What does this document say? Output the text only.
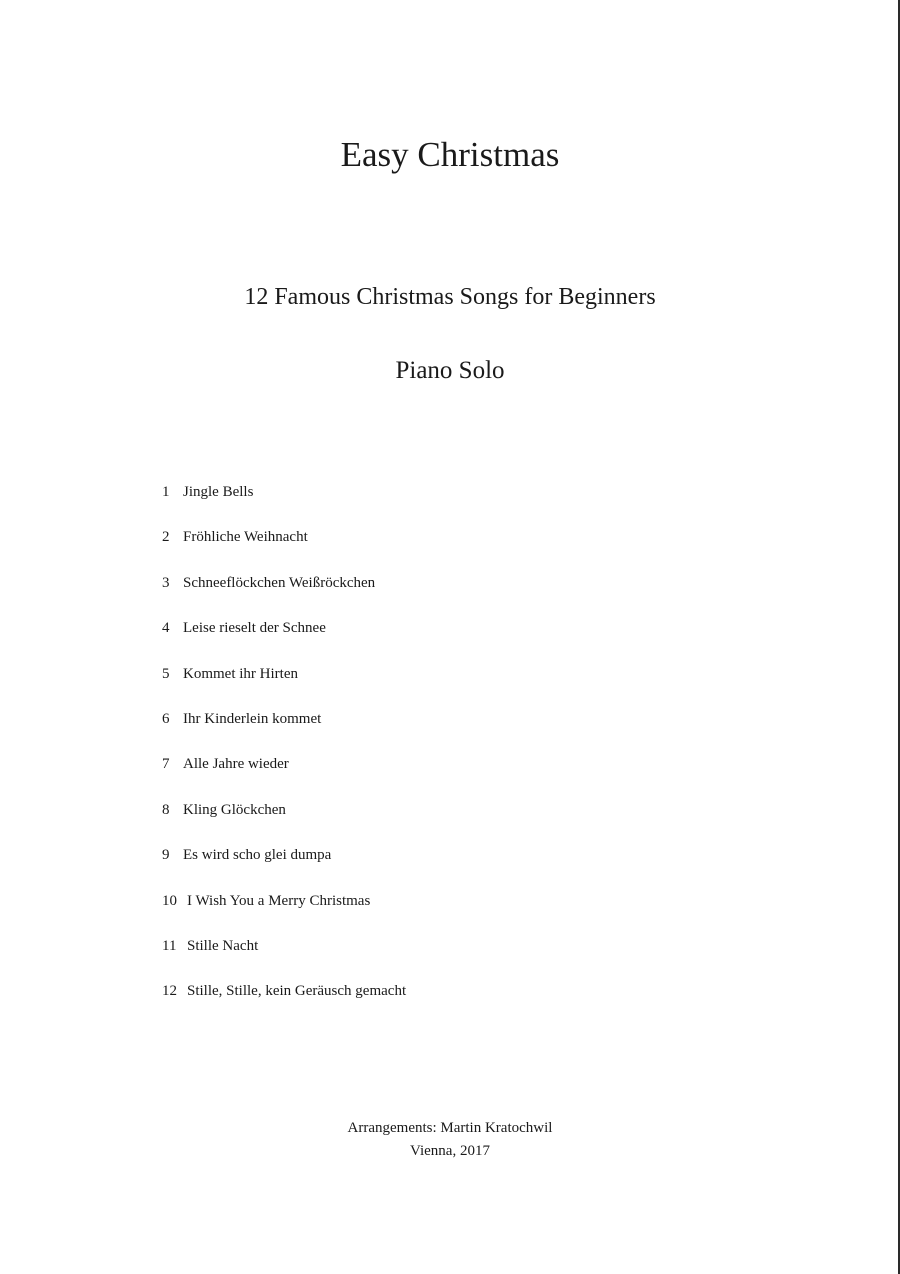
Easy Christmas
12 Famous Christmas Songs for Beginners
Piano Solo
1 Jingle Bells
2 Fröhliche Weihnacht
3 Schneeflöckchen Weißröckchen
4 Leise rieselt der Schnee
5 Kommet ihr Hirten
6 Ihr Kinderlein kommet
7 Alle Jahre wieder
8 Kling Glöckchen
9 Es wird scho glei dumpa
10 I Wish You a Merry Christmas
11 Stille Nacht
12 Stille, Stille, kein Geräusch gemacht
Arrangements: Martin Kratochwil
Vienna, 2017
